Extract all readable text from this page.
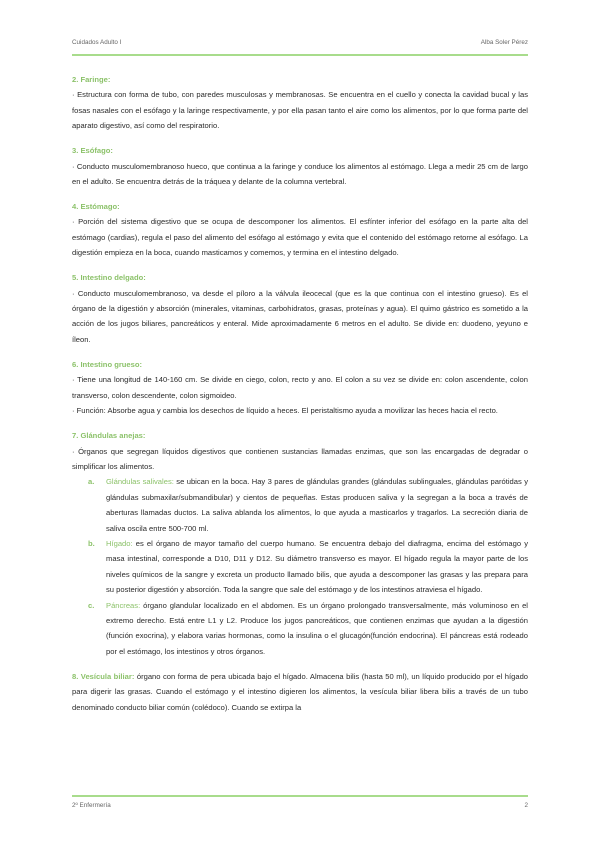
Cuidados Adulto I	Alba Soler Pérez
2. Faringe:

· Estructura con forma de tubo, con paredes musculosas y membranosas. Se encuentra en el cuello y conecta la cavidad bucal y las fosas nasales con el esófago y la laringe respectivamente, y por ella pasan tanto el aire como los alimentos, por lo que forma parte del aparato digestivo, así como del respiratorio.

3. Esófago:

· Conducto musculomembranoso hueco, que continua a la faringe y conduce los alimentos al estómago. Llega a medir 25 cm de largo en el adulto. Se encuentra detrás de la tráquea y delante de la columna vertebral.

4. Estómago:

· Porción del sistema digestivo que se ocupa de descomponer los alimentos. El esfínter inferior del esófago en la parte alta del estómago (cardias), regula el paso del alimento del esófago al estómago y evita que el contenido del estómago retorne al esófago. La digestión empieza en la boca, cuando masticamos y comemos, y termina en el intestino delgado.

5. Intestino delgado:

· Conducto musculomembranoso, va desde el píloro a la válvula ileocecal (que es la que continua con el intestino grueso). Es el órgano de la digestión y absorción (minerales, vitaminas, carbohidratos, grasas, proteínas y agua). El quimo gástrico es sometido a la acción de los jugos biliares, pancreáticos y enteral. Mide aproximadamente 6 metros en el adulto. Se divide en: duodeno, yeyuno e íleon.

6. Intestino grueso:

· Tiene una longitud de 140-160 cm. Se divide en ciego, colon, recto y ano. El colon a su vez se divide en: colon ascendente, colon transverso, colon descendente, colon sigmoideo.

· Función: Absorbe agua y cambia los desechos de líquido a heces. El peristaltismo ayuda a movilizar las heces hacia el recto.

7. Glándulas anejas:

· Órganos que segregan líquidos digestivos que contienen sustancias llamadas enzimas, que son las encargadas de degradar o simplificar los alimentos.

a.	Glándulas salivales: se ubican en la boca. Hay 3 pares de glándulas grandes (glándulas sublinguales, glándulas parótidas y glándulas submaxilar/submandibular) y cientos de pequeñas. Estas producen saliva y la segregan a la boca a través de aberturas llamadas ductos. La saliva ablanda los alimentos, lo que ayuda a masticarlos y tragarlos. La secreción diaria de saliva oscila entre 500-700 ml.
b.	Hígado: es el órgano de mayor tamaño del cuerpo humano. Se encuentra debajo del diafragma, encima del estómago y masa intestinal, corresponde a D10, D11 y D12. Su diámetro transverso es mayor. El hígado regula la mayor parte de los niveles químicos de la sangre y excreta un producto llamado bilis, que ayuda a descomponer las grasas y las prepara para su posterior digestión y absorción. Toda la sangre que sale del estómago y de los intestinos atraviesa el hígado.
c.	Páncreas: órgano glandular localizado en el abdomen. Es un órgano prolongado transversalmente, más voluminoso en el extremo derecho. Está entre L1 y L2. Produce los jugos pancreáticos, que contienen enzimas que ayudan a la digestión (función exocrina), y elabora varias hormonas, como la insulina o el glucagón(función endocrina). El páncreas está rodeado por el estómago, los intestinos y otros órganos.

8. Vesícula biliar: órgano con forma de pera ubicada bajo el hígado. Almacena bilis (hasta 50 ml), un líquido producido por el hígado para digerir las grasas. Cuando el estómago y el intestino digieren los alimentos, la vesícula biliar libera bilis a través de un tubo denominado conducto biliar común (colédoco). Cuando se extirpa la

2º Enfermería	2
